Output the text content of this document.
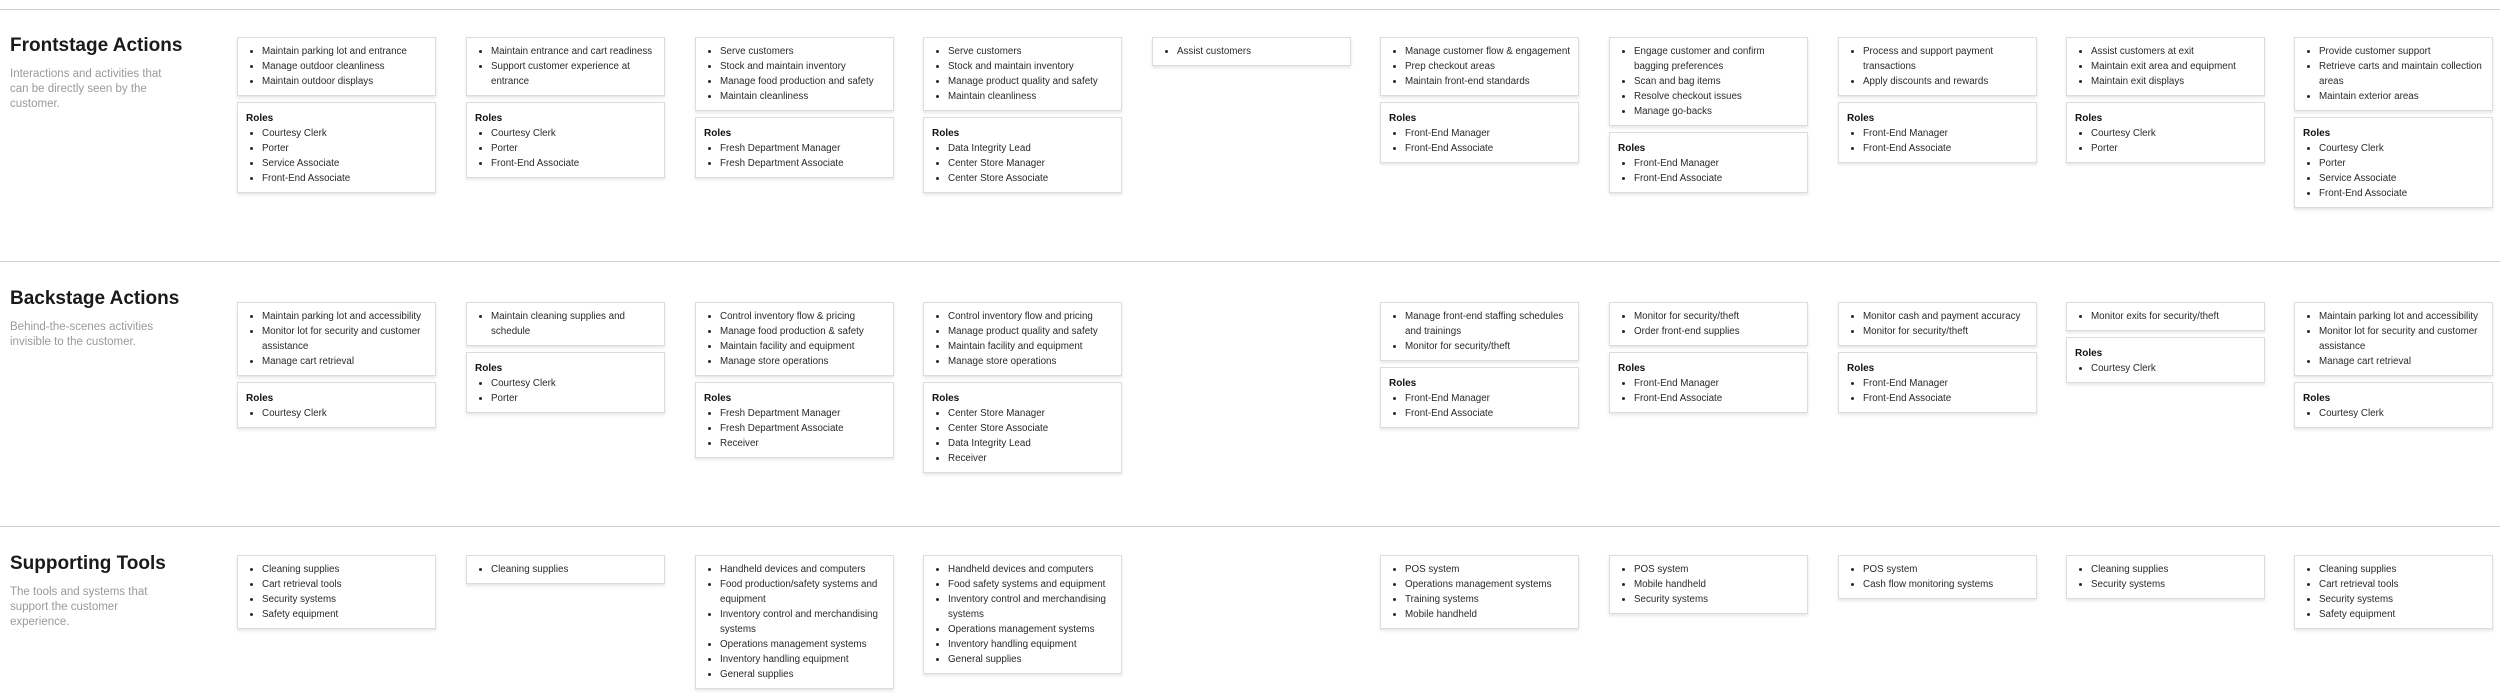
Frontstage Actions
Interactions and activities that can be directly seen by the customer.
Backstage Actions
Behind-the-scenes activities invisible to the customer.
Supporting Tools
The tools and systems that support the customer experience.
• Maintain parking lot and entrance
• Manage outdoor cleanliness
• Maintain outdoor displays
Roles
• Courtesy Clerk
• Porter
• Service Associate
• Front-End Associate
• Maintain entrance and cart readiness
• Support customer experience at entrance
Roles
• Courtesy Clerk
• Porter
• Front-End Associate
• Serve customers
• Stock and maintain inventory
• Manage food production and safety
• Maintain cleanliness
Roles
• Fresh Department Manager
• Fresh Department Associate
• Serve customers
• Stock and maintain inventory
• Manage product quality and safety
• Maintain cleanliness
Roles
• Data Integrity Lead
• Center Store Manager
• Center Store Associate
• Assist customers	• Manage customer flow & engagement
• Prep checkout areas
• Maintain front-end standards
Roles
• Front-End Manager
• Front-End Associate
• Engage customer and confirm bagging preferences
• Scan and bag items
• Resolve checkout issues
• Manage go-backs
Roles
• Front-End Manager
• Front-End Associate
• Process and support payment transactions
• Apply discounts and rewards
Roles
• Front-End Manager
• Front-End Associate
• Assist customers at exit
• Maintain exit area and equipment
• Maintain exit displays
Roles
• Courtesy Clerk
• Porter
• Provide customer support
• Retrieve carts and maintain collection areas
• Maintain exterior areas
Roles
• Courtesy Clerk
• Porter
• Service Associate
• Front-End Associate
• Maintain parking lot and accessibility
• Monitor lot for security and customer assistance
• Manage cart retrieval
Roles
• Courtesy Clerk
• Maintain cleaning supplies and schedule
Roles
• Courtesy Clerk
• Porter
• Control inventory flow & pricing
• Manage food production & safety
• Maintain facility and equipment
• Manage store operations
Roles
• Fresh Department Manager
• Fresh Department Associate
• Receiver
• Control inventory flow and pricing
• Manage product quality and safety
• Maintain facility and equipment
• Manage store operations
Roles
• Center Store Manager
• Center Store Associate
• Data Integrity Lead
• Receiver
• Manage front-end staffing schedules and trainings
• Monitor for security/theft
Roles
• Front-End Manager
• Front-End Associate
• Monitor for security/theft
• Order front-end supplies
Roles
• Front-End Manager
• Front-End Associate
• Monitor cash and payment accuracy
• Monitor for security/theft
Roles
• Front-End Manager
• Front-End Associate
• Monitor exits for security/theft
Roles
• Courtesy Clerk
• Maintain parking lot and accessibility
• Monitor lot for security and customer assistance
• Manage cart retrieval
Roles
• Courtesy Clerk
• Cleaning supplies
• Cart retrieval tools
• Security systems
• Safety equipment
• Cleaning supplies	• Handheld devices and computers
• Food production/safety systems and equipment
• Inventory control and merchandising systems
• Operations management systems
• Inventory handling equipment
• General supplies
• Handheld devices and computers
• Food safety systems and equipment
• Inventory control and merchandising systems
• Operations management systems
• Inventory handling equipment
• General supplies
• POS system
• Operations management systems
• Training systems
• Mobile handheld
• POS system
• Mobile handheld
• Security systems
• POS system
• Cash flow monitoring systems
• Cleaning supplies
• Security systems
• Cleaning supplies
• Cart retrieval tools
• Security systems
• Safety equipment
